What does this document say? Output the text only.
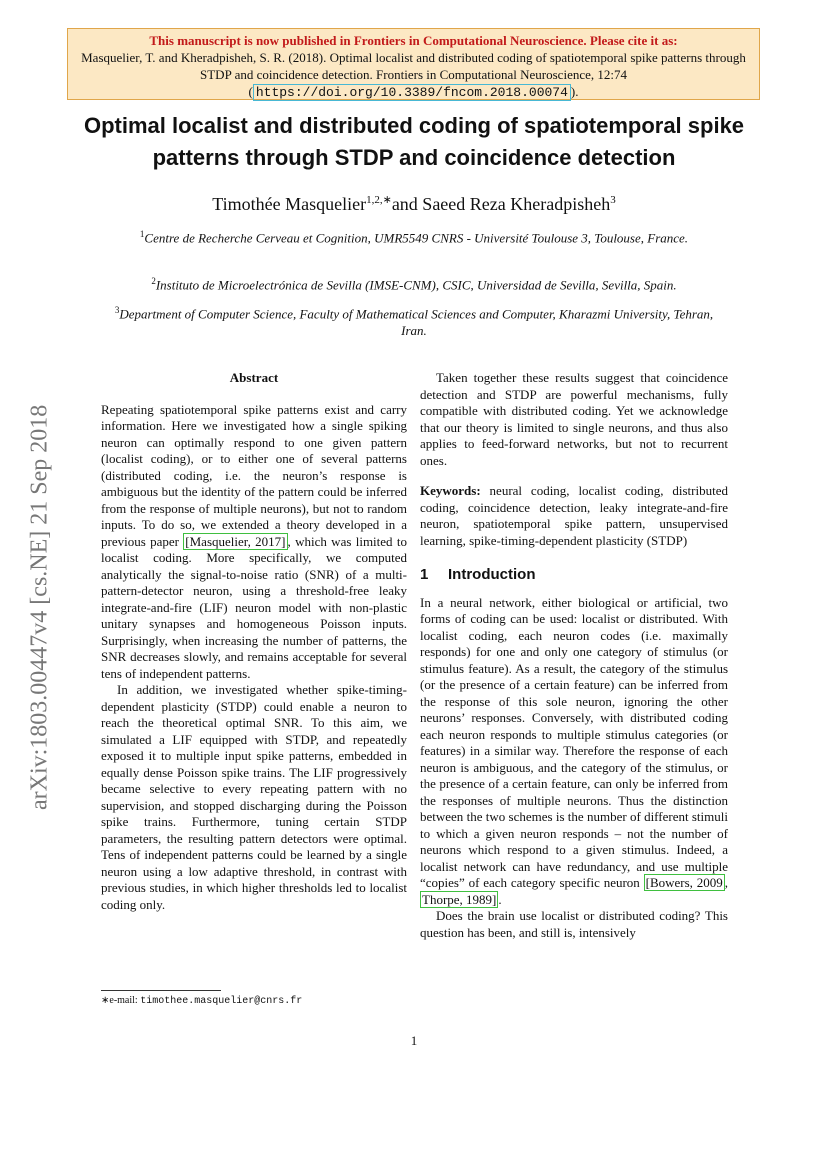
This manuscript is now published in Frontiers in Computational Neuroscience. Please cite it as:
Masquelier, T. and Kheradpisheh, S. R. (2018). Optimal localist and distributed coding of spatiotemporal spike patterns through STDP and coincidence detection. Frontiers in Computational Neuroscience, 12:74
( https://doi.org/10.3389/fncom.2018.00074 ).
arXiv:1803.00447v4 [cs.NE] 21 Sep 2018
Optimal localist and distributed coding of spatiotemporal spike patterns through STDP and coincidence detection
Timothée Masquelier$^{1,2,∗}$and Saeed Reza Kheradpisheh$^3$
$^1$Centre de Recherche Cerveau et Cognition, UMR5549 CNRS - Université Toulouse 3, Toulouse, France.
$^2$Instituto de Microelectrónica de Sevilla (IMSE-CNM), CSIC, Universidad de Sevilla, Sevilla, Spain.
$^3$Department of Computer Science, Faculty of Mathematical Sciences and Computer, Kharazmi University, Tehran, Iran.

Abstract

Repeating spatiotemporal spike patterns exist and carry information. Here we investigated how a single spiking neuron can optimally respond to one given pattern (localist coding), or to either one of several patterns (distributed coding, i.e. the neuron’s response is ambiguous but the identity of the pattern could be inferred from the response of multiple neurons), but not to random inputs. To do so, we extended a theory developed in a previous paper [Masquelier, 2017] , which was limited to localist coding. More specifically, we computed analytically the signal-to-noise ratio (SNR) of a multi-pattern-detector neuron, using a threshold-free leaky integrate-and-fire (LIF) neuron model with non-plastic unitary synapses and homogeneous Poisson inputs. Surprisingly, when increasing the number of patterns, the SNR decreases slowly, and remains acceptable for several tens of independent patterns.

In addition, we investigated whether spike-timing-dependent plasticity (STDP) could enable a neuron to reach the theoretical optimal SNR. To this aim, we simulated a LIF equipped with STDP, and repeatedly exposed it to multiple input spike patterns, embedded in equally dense Poisson spike trains. The LIF progressively became selective to every repeating pattern with no supervision, and stopped discharging during the Poisson spike trains. Furthermore, tuning certain STDP parameters, the resulting pattern detectors were optimal. Tens of independent patterns could be learned by a single neuron using a low adaptive threshold, in contrast with previous studies, in which higher thresholds led to localist coding only.

Taken together these results suggest that coincidence detection and STDP are powerful mechanisms, fully compatible with distributed coding. Yet we acknowledge that our theory is limited to single neurons, and thus also applies to feed-forward networks, but not to recurrent ones.

Keywords: neural coding, localist coding, distributed coding, coincidence detection, leaky integrate-and-fire neuron, spatiotemporal spike pattern, unsupervised learning, spike-timing-dependent plasticity (STDP)

1 Introduction

In a neural network, either biological or artificial, two forms of coding can be used: localist or distributed. With localist coding, each neuron codes (i.e. maximally responds) for one and only one category of stimulus (or stimulus feature). As a result, the category of the stimulus (or the presence of a certain feature) can be inferred from the response of this sole neuron, ignoring the other neurons’ responses. Conversely, with distributed coding each neuron responds to multiple stimulus categories (or features) in a similar way. Therefore the response of each neuron is ambiguous, and the category of the stimulus, or the presence of a certain feature, can only be inferred from the responses of multiple neurons. Thus the distinction between the two schemes is the number of different stimuli to which a given neuron responds – not the number of neurons which respond to a given stimulus. Indeed, a localist network can have redundancy, and use multiple “copies” of each category specific neuron [Bowers, 2009 , Thorpe, 1989] .

Does the brain use localist or distributed coding? This question has been, and still is, intensively

∗e-mail: timothee.masquelier@cnrs.fr
1
